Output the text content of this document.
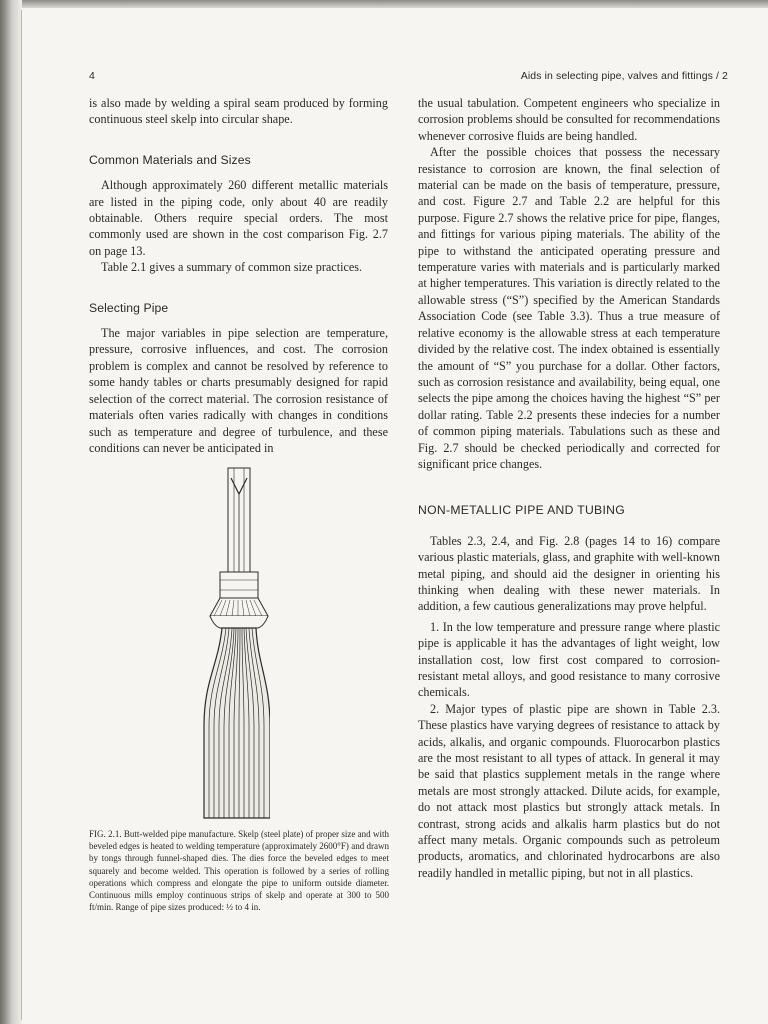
4	Aids in selecting pipe, valves and fittings / 2

is also made by welding a spiral seam produced by forming continuous steel skelp into circular shape.

Common Materials and Sizes

Although approximately 260 different metallic materials are listed in the piping code, only about 40 are readily obtainable. Others require special orders. The most commonly used are shown in the cost comparison Fig. 2.7 on page 13.

Table 2.1 gives a summary of common size practices.

Selecting Pipe

The major variables in pipe selection are temperature, pressure, corrosive influences, and cost. The corrosion problem is complex and cannot be resolved by reference to some handy tables or charts presumably designed for rapid selection of the correct material. The corrosion resistance of materials often varies radically with changes in conditions such as temperature and degree of turbulence, and these conditions can never be anticipated in

FIG. 2.1. Butt-welded pipe manufacture. Skelp (steel plate) of proper size and with beveled edges is heated to welding temperature (approximately 2600°F) and drawn by tongs through funnel-shaped dies. The dies force the beveled edges to meet squarely and become welded. This operation is followed by a series of rolling operations which compress and elongate the pipe to uniform outside diameter. Continuous mills employ continuous strips of skelp and operate at 300 to 500 ft/min. Range of pipe sizes produced: ½ to 4 in.

the usual tabulation. Competent engineers who specialize in corrosion problems should be consulted for recommendations whenever corrosive fluids are being handled.

After the possible choices that possess the necessary resistance to corrosion are known, the final selection of material can be made on the basis of temperature, pressure, and cost. Figure 2.7 and Table 2.2 are helpful for this purpose. Figure 2.7 shows the relative price for pipe, flanges, and fittings for various piping materials. The ability of the pipe to withstand the anticipated operating pressure and temperature varies with materials and is particularly marked at higher temperatures. This variation is directly related to the allowable stress (“S”) specified by the American Standards Association Code (see Table 3.3). Thus a true measure of relative economy is the allowable stress at each temperature divided by the relative cost. The index obtained is essentially the amount of “S” you purchase for a dollar. Other factors, such as corrosion resistance and availability, being equal, one selects the pipe among the choices having the highest “S” per dollar rating. Table 2.2 presents these indecies for a number of common piping materials. Tabulations such as these and Fig. 2.7 should be checked periodically and corrected for significant price changes.

NON-METALLIC PIPE AND TUBING

Tables 2.3, 2.4, and Fig. 2.8 (pages 14 to 16) compare various plastic materials, glass, and graphite with well-known metal piping, and should aid the designer in orienting his thinking when dealing with these newer materials. In addition, a few cautious generalizations may prove helpful.

1. In the low temperature and pressure range where plastic pipe is applicable it has the advantages of light weight, low installation cost, low first cost compared to corrosion-resistant metal alloys, and good resistance to many corrosive chemicals.

2. Major types of plastic pipe are shown in Table 2.3. These plastics have varying degrees of resistance to attack by acids, alkalis, and organic compounds. Fluorocarbon plastics are the most resistant to all types of attack. In general it may be said that plastics supplement metals in the range where metals are most strongly attacked. Dilute acids, for example, do not attack most plastics but strongly attack metals. In contrast, strong acids and alkalis harm plastics but do not affect many metals. Organic compounds such as petroleum products, aromatics, and chlorinated hydrocarbons are also readily handled in metallic piping, but not in all plastics.
